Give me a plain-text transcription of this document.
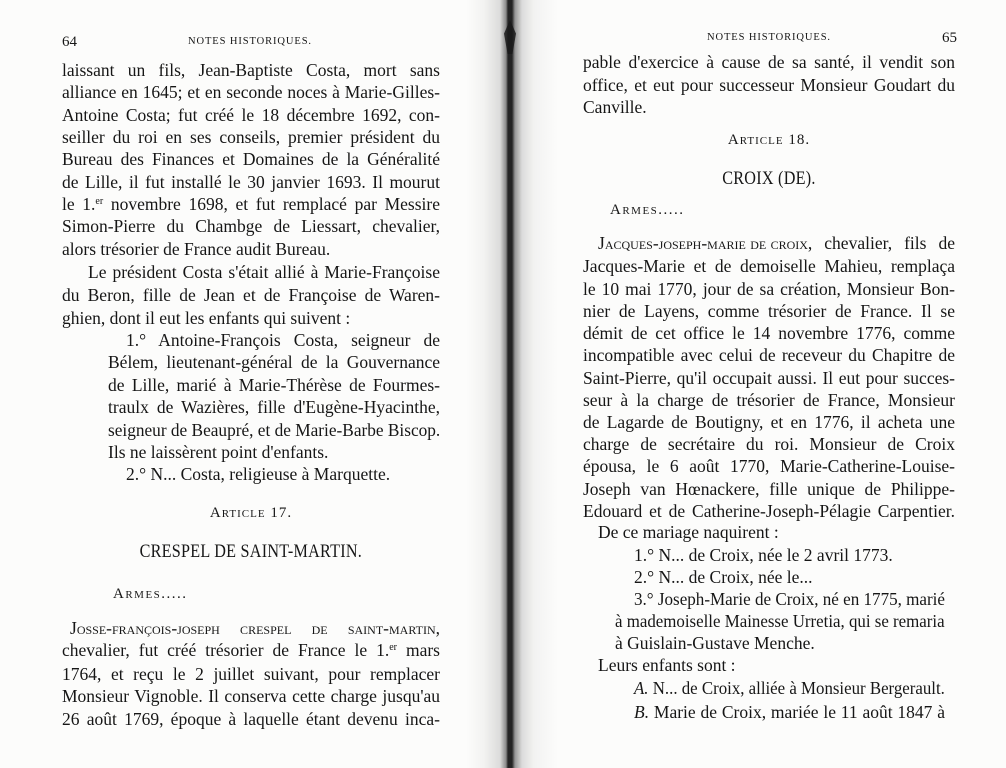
64	NOTES HISTORIQUES.
laissant un fils, Jean-Baptiste Costa, mort sans
alliance en 1645; et en seconde noces à Marie-Gilles-
Antoine Costa; fut créé le 18 décembre 1692, con-
seiller du roi en ses conseils, premier président du
Bureau des Finances et Domaines de la Généralité
de Lille, il fut installé le 30 janvier 1693. Il mourut
le 1.$^{er}$ novembre 1698, et fut remplacé par Messire
Simon-Pierre du Chambge de Liessart, chevalier,
alors trésorier de France audit Bureau.
Le président Costa s'était allié à Marie-Françoise
du Beron, fille de Jean et de Françoise de Waren-
ghien, dont il eut les enfants qui suivent :
1.° Antoine-François Costa, seigneur de
Bélem, lieutenant-général de la Gouvernance
de Lille, marié à Marie-Thérèse de Fourmes-
traulx de Wazières, fille d'Eugène-Hyacinthe,
seigneur de Beaupré, et de Marie-Barbe Biscop.
Ils ne laissèrent point d'enfants.
2.° N... Costa, religieuse à Marquette.
Article 17.
CRESPEL DE SAINT-MARTIN.
Armes.....
Josse-françois-joseph crespel de saint-martin,
chevalier, fut créé trésorier de France le 1.$^{er}$ mars
1764, et reçu le 2 juillet suivant, pour remplacer
Monsieur Vignoble. Il conserva cette charge jusqu'au
26 août 1769, époque à laquelle étant devenu inca-
NOTES HISTORIQUES.	65
pable d'exercice à cause de sa santé, il vendit son
office, et eut pour successeur Monsieur Goudart du
Canville.
Article 18.
CROIX (DE).
Armes.....
Jacques-joseph-marie de croix, chevalier, fils de
Jacques-Marie et de demoiselle Mahieu, remplaça
le 10 mai 1770, jour de sa création, Monsieur Bon-
nier de Layens, comme trésorier de France. Il se
démit de cet office le 14 novembre 1776, comme
incompatible avec celui de receveur du Chapitre de
Saint-Pierre, qu'il occupait aussi. Il eut pour succes-
seur à la charge de trésorier de France, Monsieur
de Lagarde de Boutigny, et en 1776, il acheta une
charge de secrétaire du roi. Monsieur de Croix
épousa, le 6 août 1770, Marie-Catherine-Louise-
Joseph van Hœnackere, fille unique de Philippe-
Edouard et de Catherine-Joseph-Pélagie Carpentier.
De ce mariage naquirent :
1.° N... de Croix, née le 2 avril 1773.
2.° N... de Croix, née le...
3.° Joseph-Marie de Croix, né en 1775, marié
à mademoiselle Mainesse Urretia, qui se remaria
à Guislain-Gustave Menche.
Leurs enfants sont :
A. N... de Croix, alliée à Monsieur Bergerault.
B. Marie de Croix, mariée le 11 août 1847 à
